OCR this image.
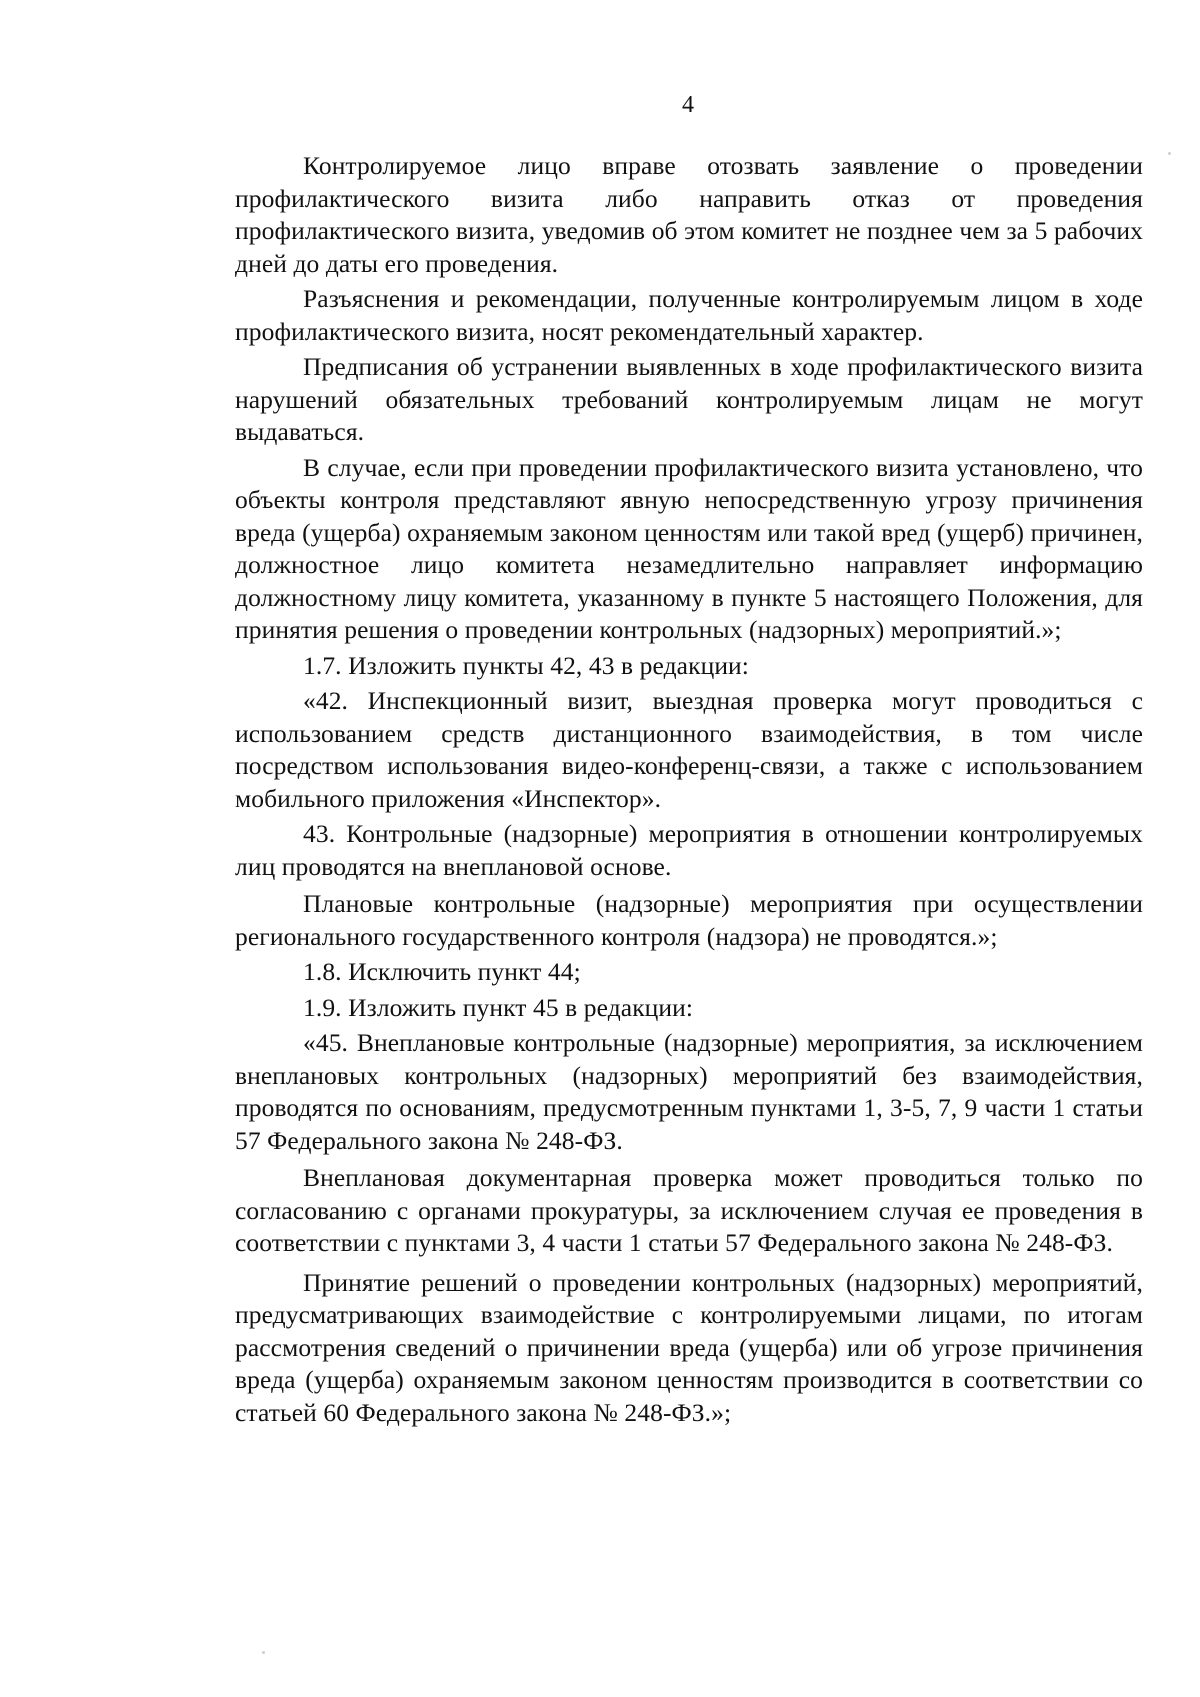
4

Контролируемое лицо вправе отозвать заявление о проведении профилактического визита либо направить отказ от проведения профилактического визита, уведомив об этом комитет не позднее чем за 5 рабочих дней до даты его проведения.

Разъяснения и рекомендации, полученные контролируемым лицом в ходе профилактического визита, носят рекомендательный характер.

Предписания об устранении выявленных в ходе профилактического визита нарушений обязательных требований контролируемым лицам не могут выдаваться.

В случае, если при проведении профилактического визита установлено, что объекты контроля представляют явную непосредственную угрозу причинения вреда (ущерба) охраняемым законом ценностям или такой вред (ущерб) причинен, должностное лицо комитета незамедлительно направляет информацию должностному лицу комитета, указанному в пункте 5 настоящего Положения, для принятия решения о проведении контрольных (надзорных) мероприятий.»;

1.7. Изложить пункты 42, 43 в редакции:

«42. Инспекционный визит, выездная проверка могут проводиться с использованием средств дистанционного взаимодействия, в том числе посредством использования видео-конференц-связи, а также с использованием мобильного приложения «Инспектор».

43. Контрольные (надзорные) мероприятия в отношении контролируемых лиц проводятся на внеплановой основе.

Плановые контрольные (надзорные) мероприятия при осуществлении регионального государственного контроля (надзора) не проводятся.»;

1.8. Исключить пункт 44;

1.9. Изложить пункт 45 в редакции:

«45. Внеплановые контрольные (надзорные) мероприятия, за исключением внеплановых контрольных (надзорных) мероприятий без взаимодействия, проводятся по основаниям, предусмотренным пунктами 1, 3-5, 7, 9 части 1 статьи 57 Федерального закона № 248-ФЗ.

Внеплановая документарная проверка может проводиться только по согласованию с органами прокуратуры, за исключением случая ее проведения в соответствии с пунктами 3, 4 части 1 статьи 57 Федерального закона № 248-ФЗ.

Принятие решений о проведении контрольных (надзорных) мероприятий, предусматривающих взаимодействие с контролируемыми лицами, по итогам рассмотрения сведений о причинении вреда (ущерба) или об угрозе причинения вреда (ущерба) охраняемым законом ценностям производится в соответствии со статьей 60 Федерального закона № 248-ФЗ.»;
